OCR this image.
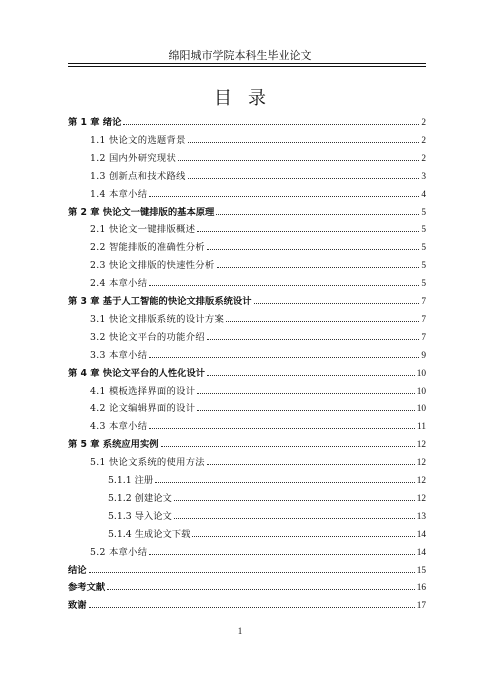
绵阳城市学院本科生毕业论文
目录
第 1 章 绪论	2
1.1 快论文的选题背景	2
1.2 国内外研究现状	2
1.3 创新点和技术路线	3
1.4 本章小结	4
第 2 章 快论文一键排版的基本原理	5
2.1 快论文一键排版概述	5
2.2 智能排版的准确性分析	5
2.3 快论文排版的快速性分析	5
2.4 本章小结	5
第 3 章 基于人工智能的快论文排版系统设计	7
3.1 快论文排版系统的设计方案	7
3.2 快论文平台的功能介绍	7
3.3 本章小结	9
第 4 章 快论文平台的人性化设计	10
4.1 模板选择界面的设计	10
4.2 论文编辑界面的设计	10
4.3 本章小结	11
第 5 章 系统应用实例	12
5.1 快论文系统的使用方法	12
5.1.1 注册	12
5.1.2 创建论文	12
5.1.3 导入论文	13
5.1.4 生成论文下载	14
5.2 本章小结	14
结论	15
参考文献	16
致谢	17
1
